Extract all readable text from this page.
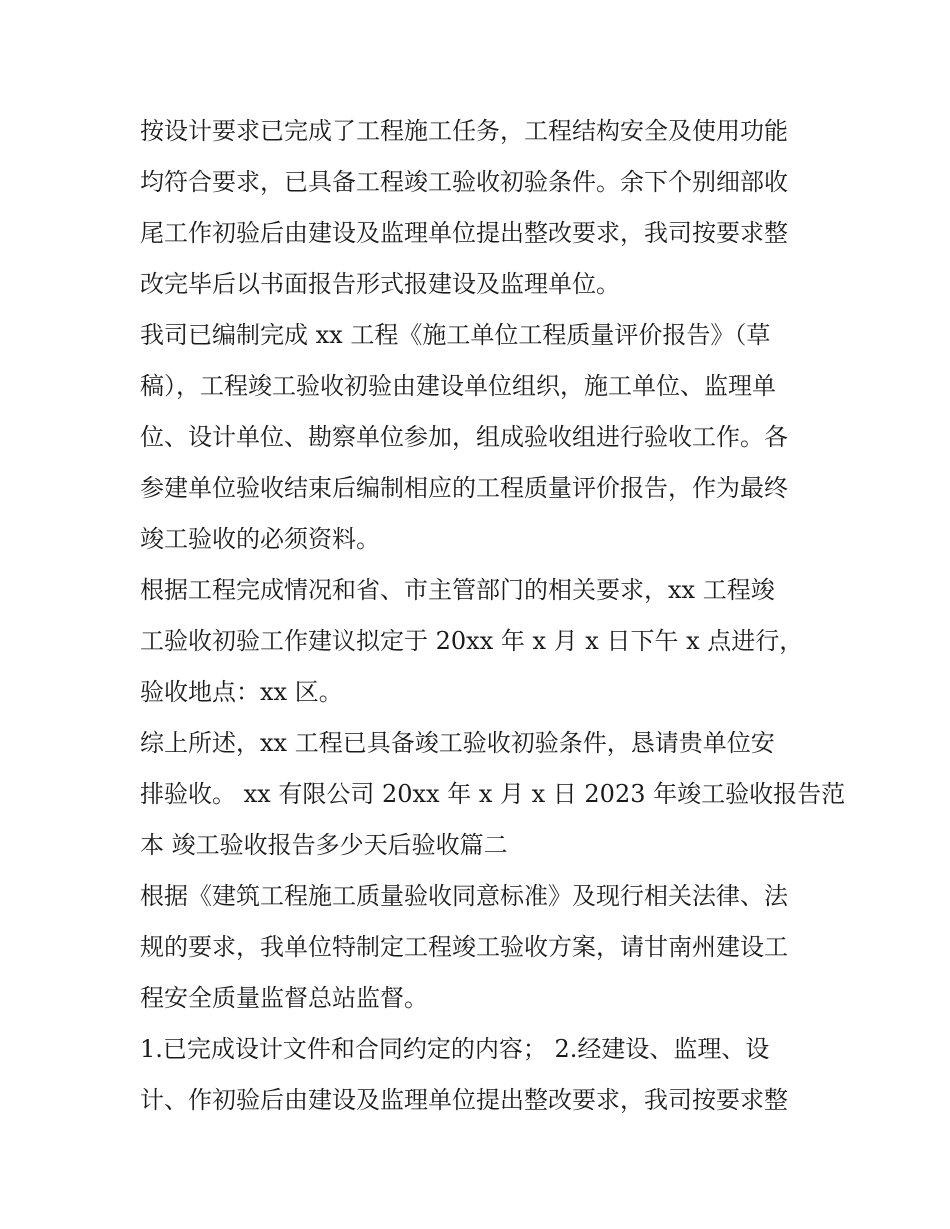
按设计要求已完成了工程施工任务，工程结构安全及使用功能

均符合要求，已具备工程竣工验收初验条件。余下个别细部收

尾工作初验后由建设及监理单位提出整改要求，我司按要求整

改完毕后以书面报告形式报建设及监理单位。

我司已编制完成 xx 工程《施工单位工程质量评价报告》（草

稿），工程竣工验收初验由建设单位组织，施工单位、监理单

位、设计单位、勘察单位参加，组成验收组进行验收工作。各

参建单位验收结束后编制相应的工程质量评价报告，作为最终

竣工验收的必须资料。

根据工程完成情况和省、市主管部门的相关要求，xx 工程竣

工验收初验工作建议拟定于 20xx 年 x 月 x 日下午 x 点进行，

验收地点：xx 区。

综上所述，xx 工程已具备竣工验收初验条件，恳请贵单位安

排验收。 xx 有限公司 20xx 年 x 月 x 日 2023 年竣工验收报告范

本 竣工验收报告多少天后验收篇二

根据《建筑工程施工质量验收同意标准》及现行相关法律、法

规的要求，我单位特制定工程竣工验收方案，请甘南州建设工

程安全质量监督总站监督。

1.已完成设计文件和合同约定的内容； 2.经建设、监理、设

计、作初验后由建设及监理单位提出整改要求，我司按要求整
